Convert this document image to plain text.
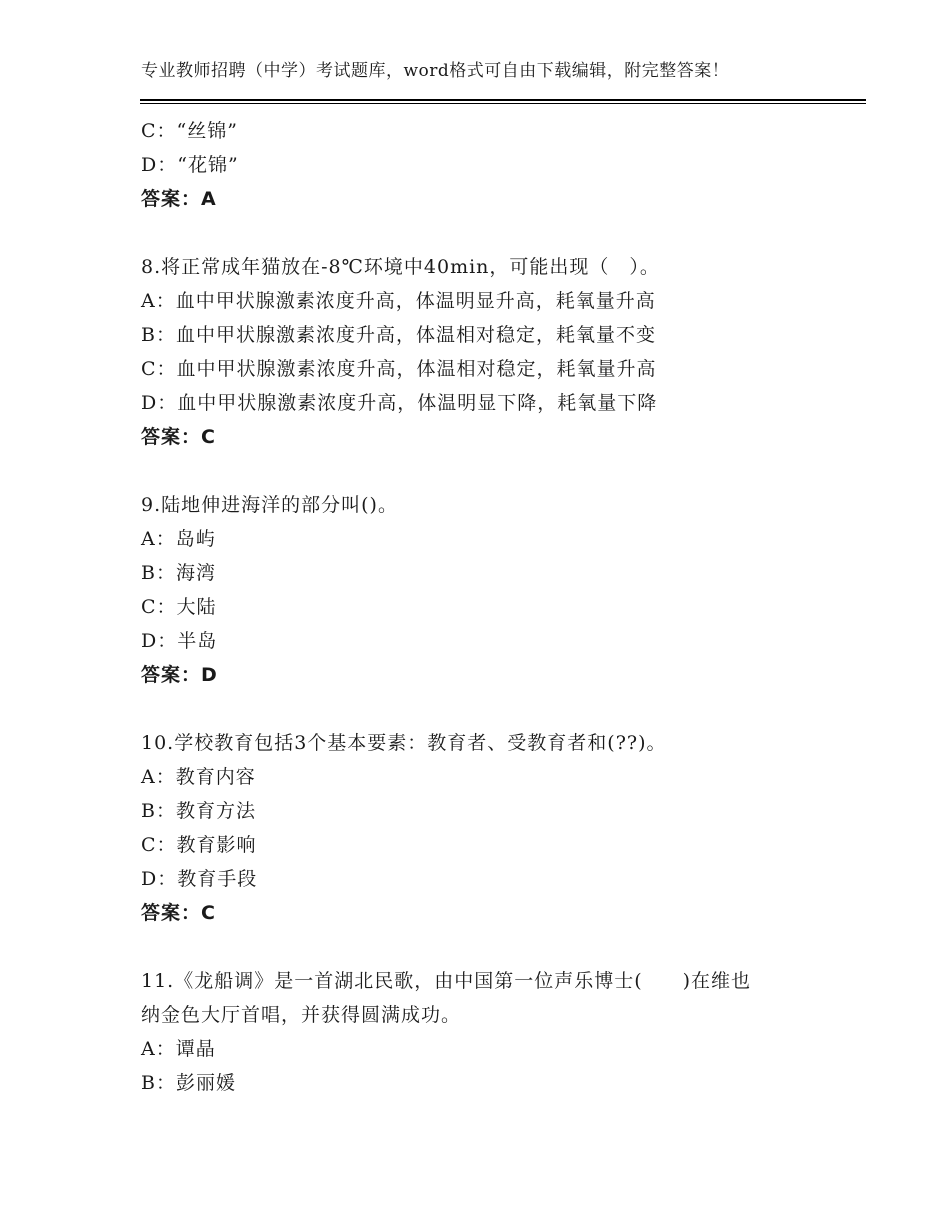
专业教师招聘（中学）考试题库，word格式可自由下载编辑，附完整答案！
C：“丝锦”
D：“花锦”
答案：A
8.将正常成年猫放在-8℃环境中40min，可能出现（　）。
A：血中甲状腺激素浓度升高，体温明显升高，耗氧量升高
B：血中甲状腺激素浓度升高，体温相对稳定，耗氧量不变
C：血中甲状腺激素浓度升高，体温相对稳定，耗氧量升高
D：血中甲状腺激素浓度升高，体温明显下降，耗氧量下降
答案：C
9.陆地伸进海洋的部分叫()。
A：岛屿
B：海湾
C：大陆
D：半岛
答案：D
10.学校教育包括3个基本要素：教育者、受教育者和(??)。
A：教育内容
B：教育方法
C：教育影响
D：教育手段
答案：C
11.《龙船调》是一首湖北民歌，由中国第一位声乐博士(　　)在维也
纳金色大厅首唱，并获得圆满成功。
A：谭晶
B：彭丽媛
